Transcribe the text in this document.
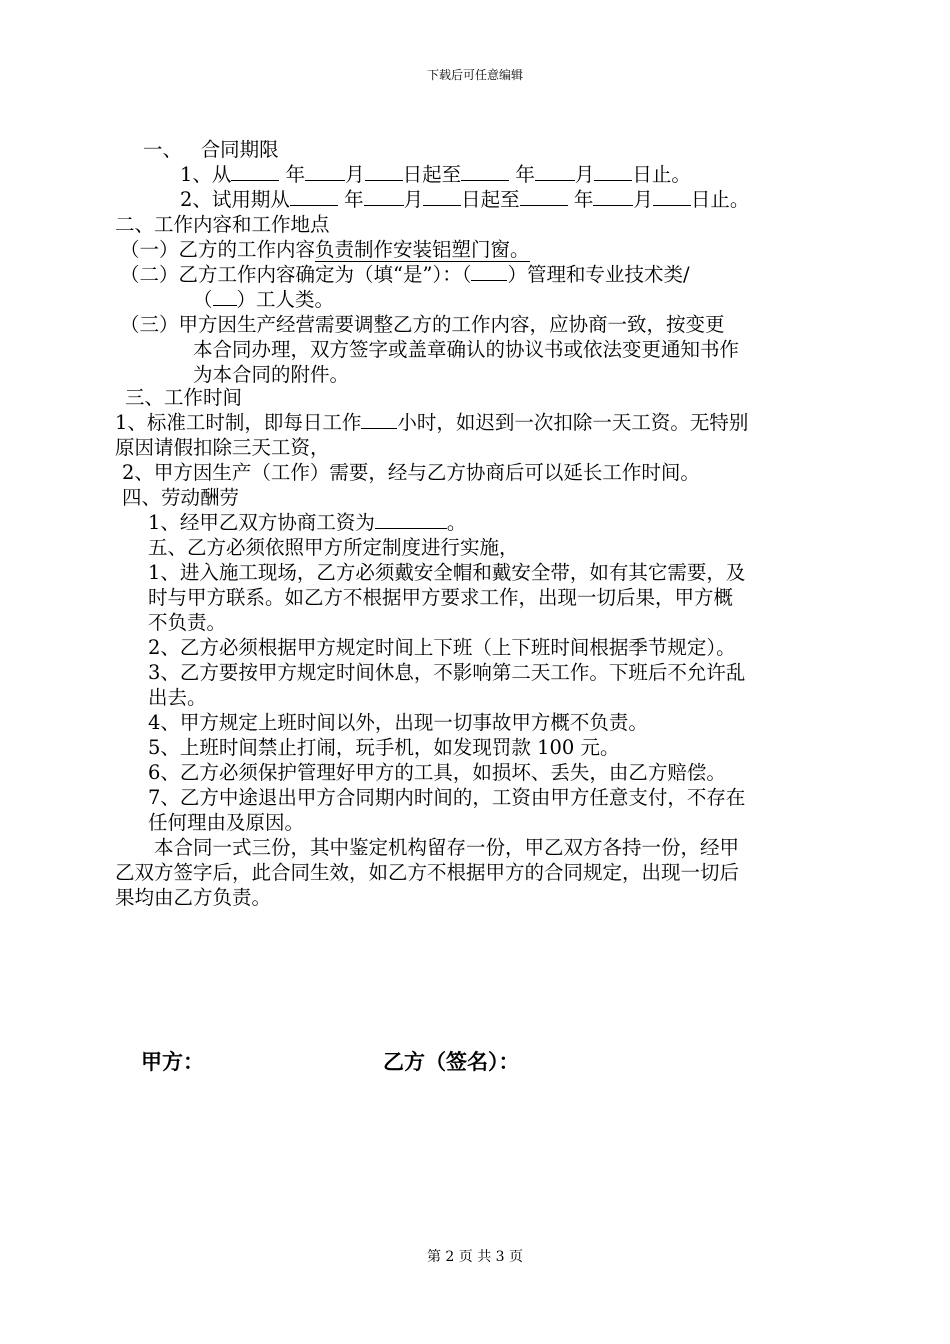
下载后可任意编辑
一、   合同期限
1、从 年 月 日起至 年 月 日止。
2、试用期从 年 月 日起至 年 月 日止。
二、工作内容和工作地点
（一）乙方的工作内容负责制作安装铝塑门窗。
（二）乙方工作内容确定为（填“是”）：（ ）管理和专业技术类/
（ ）工人类。
（三）甲方因生产经营需要调整乙方的工作内容，应协商一致，按变更
本合同办理，双方签字或盖章确认的协议书或依法变更通知书作
为本合同的附件。
三、工作时间
1、标准工时制，即每日工作 小时，如迟到一次扣除一天工资。无特别
原因请假扣除三天工资，
2、甲方因生产（工作）需要，经与乙方协商后可以延长工作时间。
四、劳动酬劳
1、经甲乙双方协商工资为	。
五、乙方必须依照甲方所定制度进行实施，
1、进入施工现场，乙方必须戴安全帽和戴安全带，如有其它需要，及
时与甲方联系。如乙方不根据甲方要求工作，出现一切后果，甲方概
不负责。
2、乙方必须根据甲方规定时间上下班（上下班时间根据季节规定）。
3、乙方要按甲方规定时间休息，不影响第二天工作。下班后不允许乱
出去。
4、甲方规定上班时间以外，出现一切事故甲方概不负责。
5、上班时间禁止打闹，玩手机，如发现罚款 100 元。
6、乙方必须保护管理好甲方的工具，如损坏、丢失，由乙方赔偿。
7、乙方中途退出甲方合同期内时间的，工资由甲方任意支付，不存在
任何理由及原因。
本合同一式三份，其中鉴定机构留存一份，甲乙双方各持一份，经甲
乙双方签字后，此合同生效，如乙方不根据甲方的合同规定，出现一切后
果均由乙方负责。
甲方：	乙方（签名）：
第 2 页 共 3 页
